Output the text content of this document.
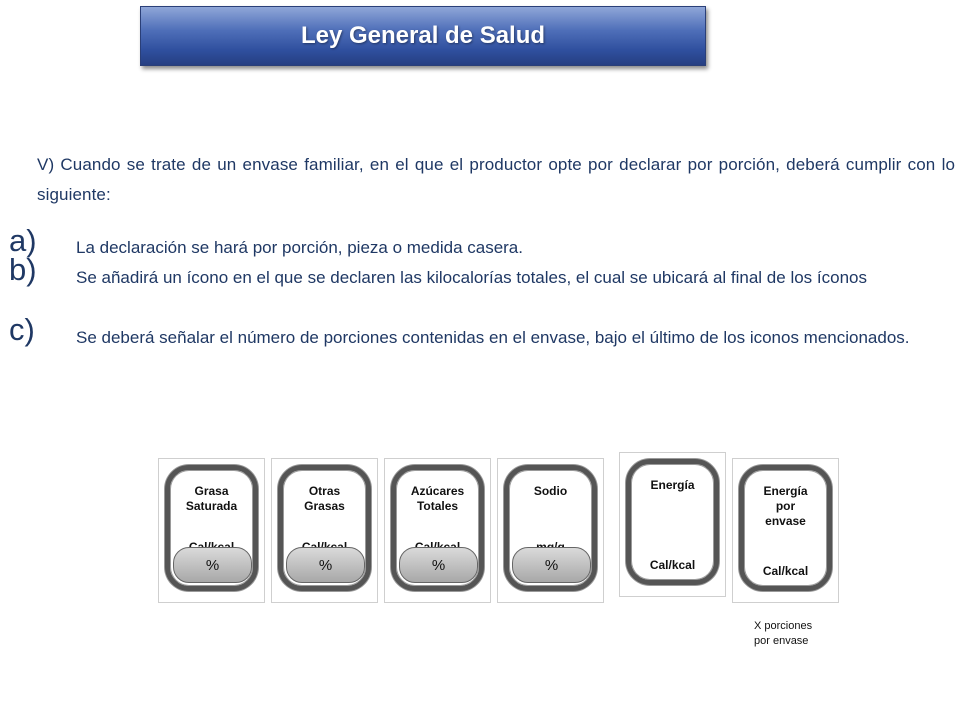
Ley General de Salud
V) Cuando se trate de un envase familiar, en el que el productor opte por declarar por porción, deberá cumplir con lo siguiente:
a)
b)
c)
La declaración se hará por porción, pieza o medida casera.
Se añadirá un ícono en el que se declaren las kilocalorías totales, el cual se ubicará al final de los íconos
Se deberá señalar el número de porciones contenidas en el envase, bajo el último de los iconos mencionados.
Grasa
Saturada
%
Otras
Grasas
%
Azúcares
Totales
%
Sodio
%
Energía
Cal/kcal
Energía
por
envase
Cal/kcal
X porciones
por envase
